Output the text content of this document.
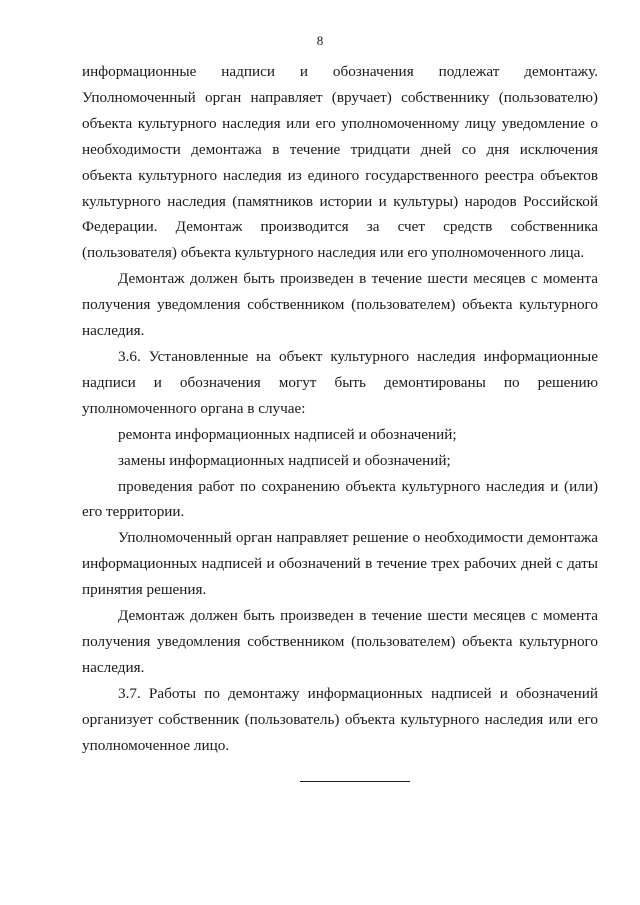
8

информационные надписи и обозначения подлежат демонтажу. Уполномоченный орган направляет (вручает) собственнику (пользователю) объекта культурного наследия или его уполномоченному лицу уведомление о необходимости демонтажа в течение тридцати дней со дня исключения объекта культурного наследия из единого государственного реестра объектов культурного наследия (памятников истории и культуры) народов Российской Федерации. Демонтаж производится за счет средств собственника (пользователя) объекта культурного наследия или его уполномоченного лица.

Демонтаж должен быть произведен в течение шести месяцев с момента получения уведомления собственником (пользователем) объекта культурного наследия.

3.6. Установленные на объект культурного наследия информационные надписи и обозначения могут быть демонтированы по решению уполномоченного органа в случае:

ремонта информационных надписей и обозначений;

замены информационных надписей и обозначений;

проведения работ по сохранению объекта культурного наследия и (или) его территории.

Уполномоченный орган направляет решение о необходимости демонтажа информационных надписей и обозначений в течение трех рабочих дней с даты принятия решения.

Демонтаж должен быть произведен в течение шести месяцев с момента получения уведомления собственником (пользователем) объекта культурного наследия.

3.7. Работы по демонтажу информационных надписей и обозначений организует собственник (пользователь) объекта культурного наследия или его уполномоченное лицо.
